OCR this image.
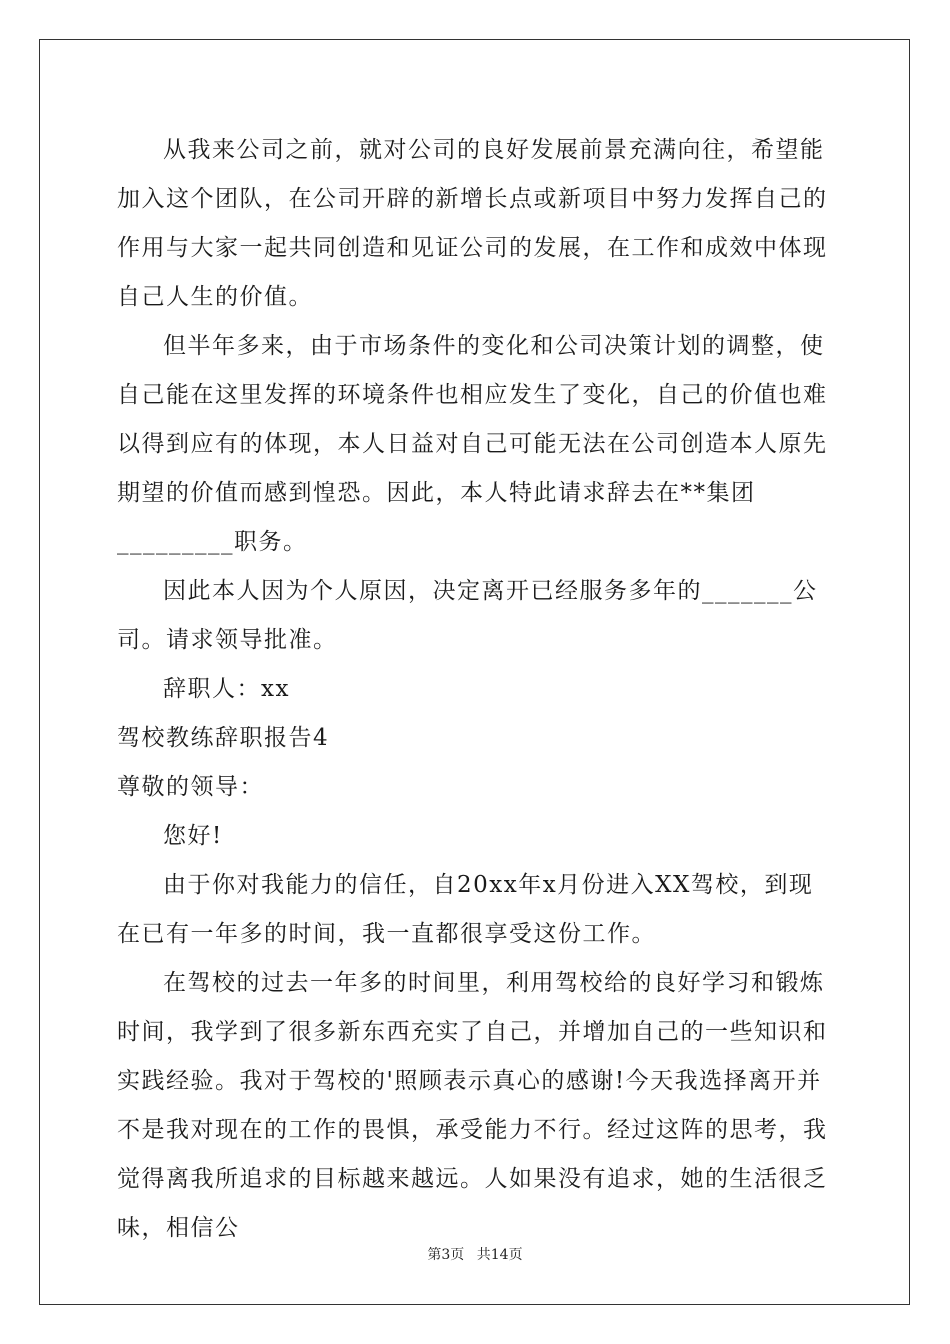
从我来公司之前，就对公司的良好发展前景充满向往，希望能加入这个团队，在公司开辟的新增长点或新项目中努力发挥自己的作用与大家一起共同创造和见证公司的发展，在工作和成效中体现自己人生的价值。

但半年多来，由于市场条件的变化和公司决策计划的调整，使自己能在这里发挥的环境条件也相应发生了变化，自己的价值也难以得到应有的体现，本人日益对自己可能无法在公司创造本人原先期望的价值而感到惶恐。因此，本人特此请求辞去在**集团_________职务。

因此本人因为个人原因，决定离开已经服务多年的_______公司。请求领导批准。

辞职人：xx

驾校教练辞职报告4

尊敬的领导：

您好!

由于你对我能力的信任，自20xx年x月份进入XX驾校，到现在已有一年多的时间，我一直都很享受这份工作。

在驾校的过去一年多的时间里，利用驾校给的良好学习和锻炼时间，我学到了很多新东西充实了自己，并增加自己的一些知识和实践经验。我对于驾校的'照顾表示真心的感谢!今天我选择离开并不是我对现在的工作的畏惧，承受能力不行。经过这阵的思考，我觉得离我所追求的目标越来越远。人如果没有追求，她的生活很乏味，相信公

第3页 共14页
